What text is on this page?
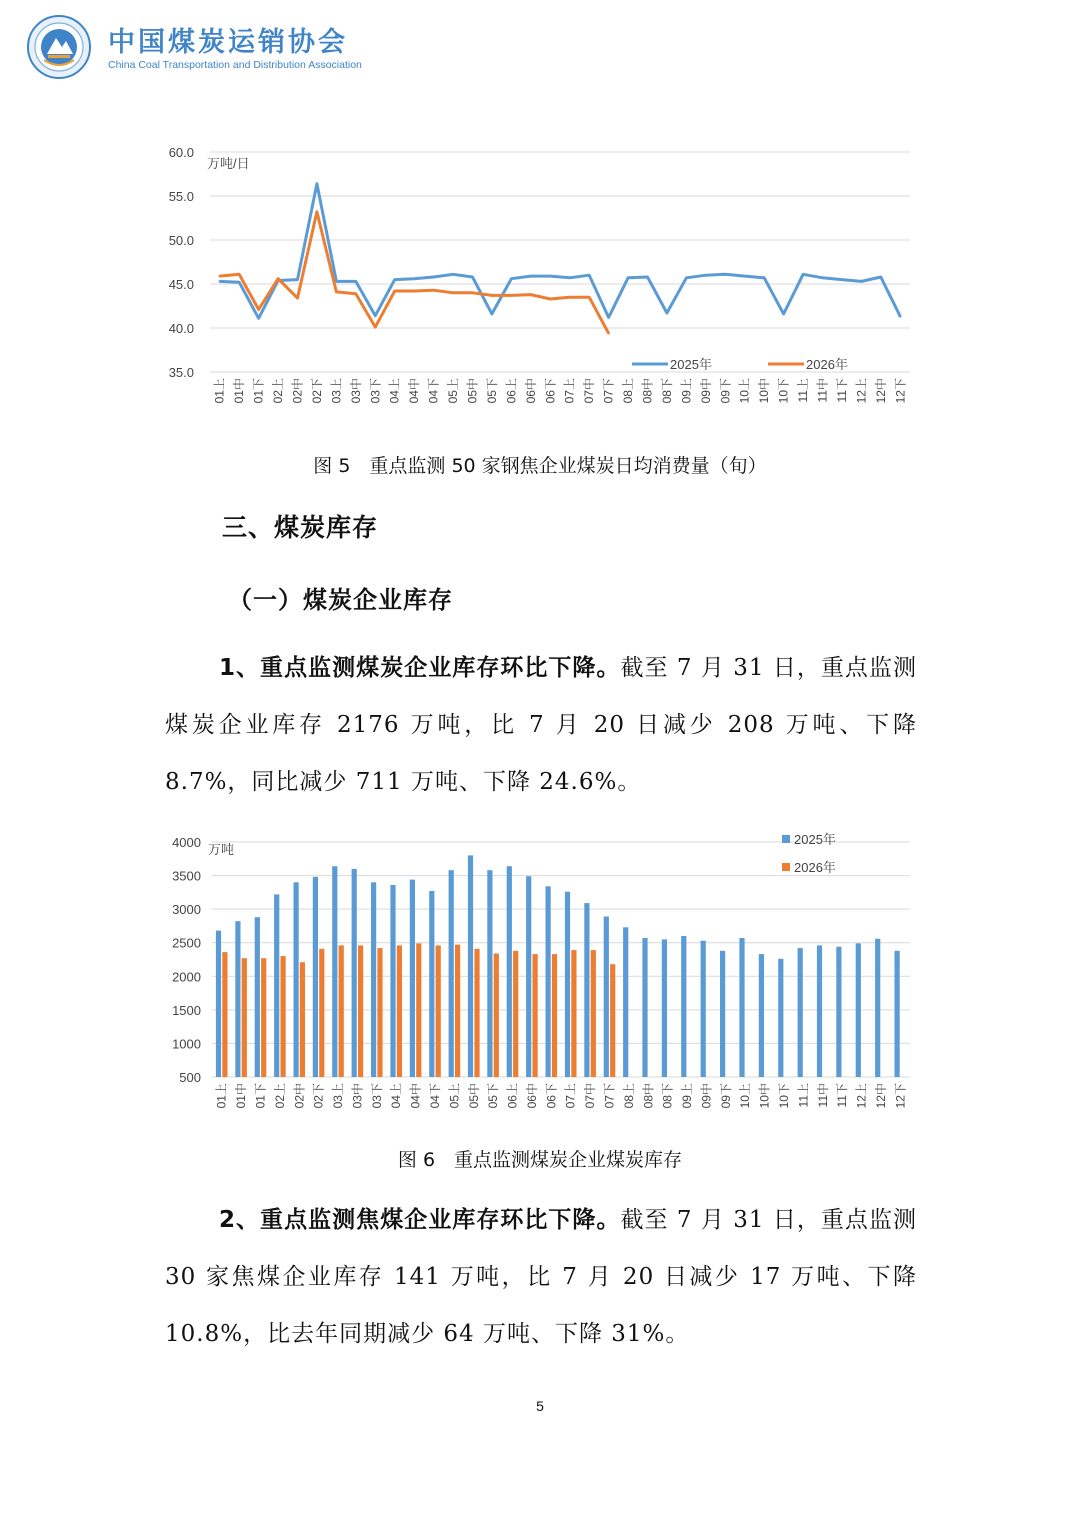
中国煤炭运销协会
China Coal Transportation and Distribution Association
35.0
40.0
45.0
50.0
55.0
60.0
万吨/日
01上 01中 01下 02上 02中 02下 03上 03中 03下 04上 04中 04下 05上 05中 05下 06上 06中 06下 07上 07中 07下 08上 08中 08下 09上 09中 09下 10上 10中 10下 11上 11中 11下 12上 12中 12下
2025年	2026年
图 5　重点监测 50 家钢焦企业煤炭日均消费量（旬）
三、煤炭库存
（一）煤炭企业库存
1、重点监测煤炭企业库存环比下降。截至 7 月 31 日，重点监测煤炭企业库存 2176 万吨，比 7 月 20 日减少 208 万吨、下降 8.7%，同比减少 711 万吨、下降 24.6%。
500
1000
1500
2000
2500
3000
3500
4000 万吨
01上 01中 01下 02上 02中 02下 03上 03中 03下 04上 04中 04下 05上 05中 05下 06上 06中 06下 07上 07中 07下 08上 08中 08下 09上 09中 09下 10上 10中 10下 11上 11中 11下 12上 12中 12下
2025年
2026年
图 6　重点监测煤炭企业煤炭库存
2、重点监测焦煤企业库存环比下降。截至 7 月 31 日，重点监测 30 家焦煤企业库存 141 万吨，比 7 月 20 日减少 17 万吨、下降 10.8%，比去年同期减少 64 万吨、下降 31%。
5
